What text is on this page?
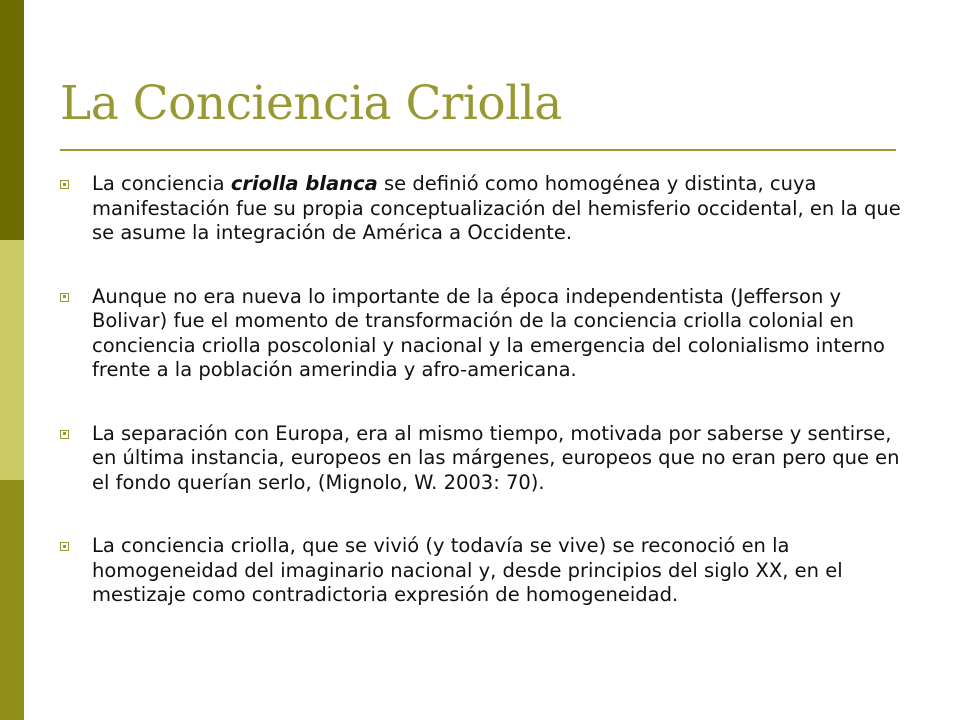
La Conciencia Criolla
La conciencia criolla blanca se definió como homogénea y distinta, cuya manifestación fue su propia conceptualización del hemisferio occidental, en la que se asume la integración de América a Occidente.
Aunque no era nueva lo importante de la época independentista (Jefferson y Bolivar) fue el momento de transformación de la conciencia criolla colonial en conciencia criolla poscolonial y nacional y la emergencia del colonialismo interno frente a la población amerindia y afro-americana.
La separación con Europa, era al mismo tiempo, motivada por saberse y sentirse, en última instancia, europeos en las márgenes, europeos que no eran pero que en el fondo querían serlo, (Mignolo, W. 2003: 70).
La conciencia criolla, que se vivió (y todavía se vive) se reconoció en la homogeneidad del imaginario nacional y, desde principios del siglo XX, en el mestizaje como contradictoria expresión de homogeneidad.
